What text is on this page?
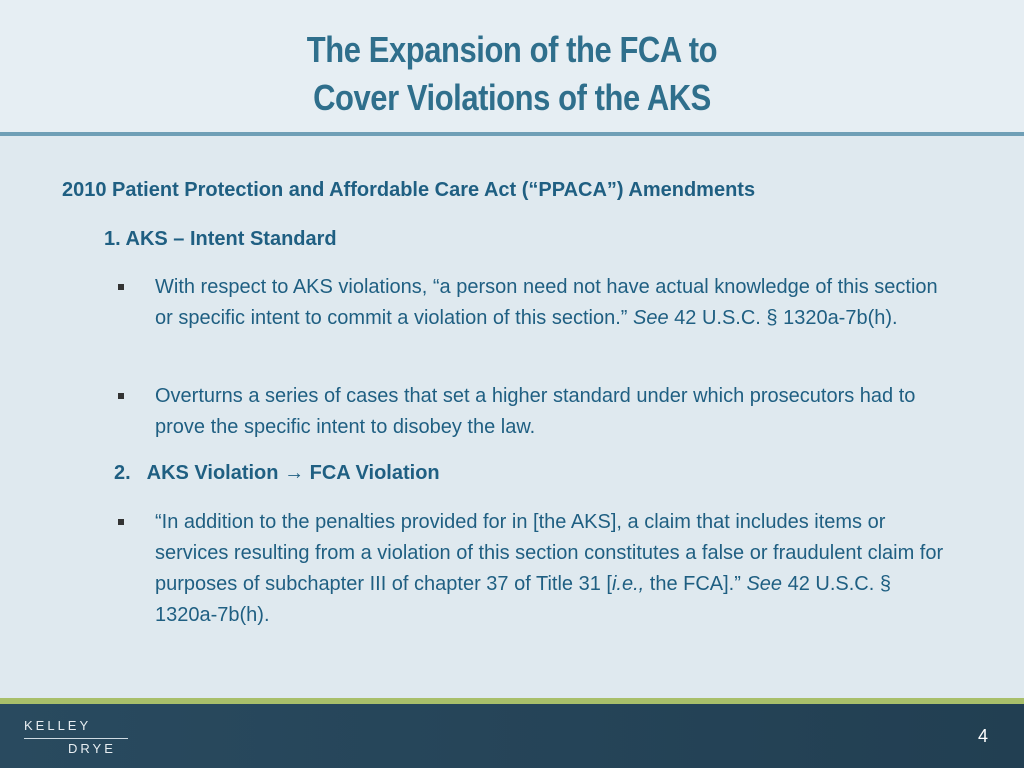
The Expansion of the FCA to
Cover Violations of the AKS
2010 Patient Protection and Affordable Care Act (“PPACA”) Amendments
1. AKS – Intent Standard
With respect to AKS violations, “a person need not have actual knowledge of this section or specific intent to commit a violation of this section.” See 42 U.S.C. § 1320a-7b(h).
Overturns a series of cases that set a higher standard under which prosecutors had to prove the specific intent to disobey the law.
2. AKS Violation → FCA Violation
“In addition to the penalties provided for in [the AKS], a claim that includes items or services resulting from a violation of this section constitutes a false or fraudulent claim for purposes of subchapter III of chapter 37 of Title 31 [i.e., the FCA].” See 42 U.S.C. § 1320a-7b(h).
KELLEY
DRYE
4
